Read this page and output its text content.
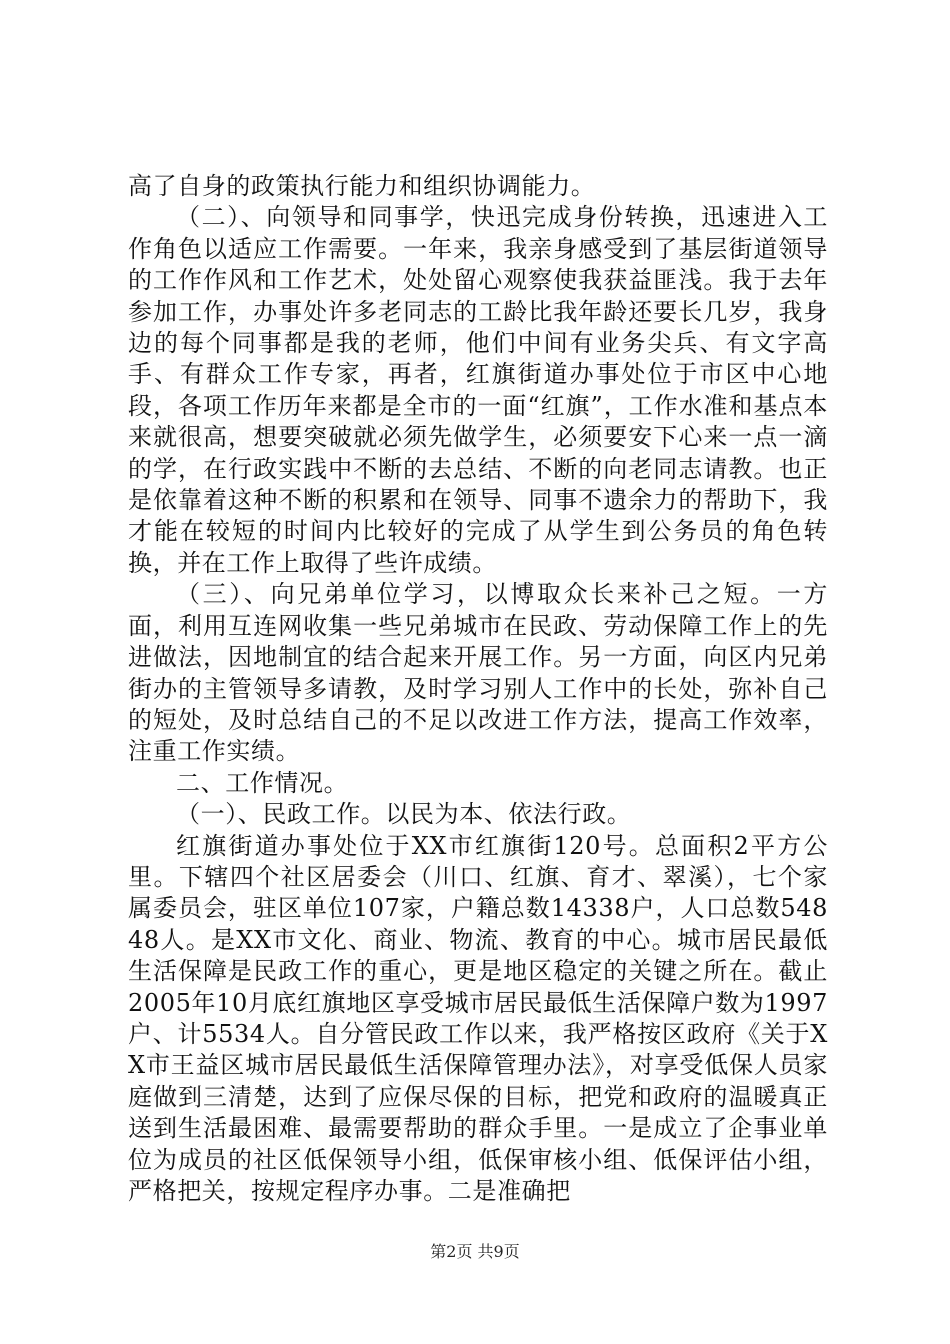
高了自身的政策执行能力和组织协调能力。

（二）、向领导和同事学，快迅完成身份转换，迅速进入工作角色以适应工作需要。一年来，我亲身感受到了基层街道领导的工作作风和工作艺术，处处留心观察使我获益匪浅。我于去年参加工作，办事处许多老同志的工龄比我年龄还要长几岁，我身边的每个同事都是我的老师，他们中间有业务尖兵、有文字高手、有群众工作专家，再者，红旗街道办事处位于市区中心地段，各项工作历年来都是全市的一面“红旗”，工作水准和基点本来就很高，想要突破就必须先做学生，必须要安下心来一点一滴的学，在行政实践中不断的去总结、不断的向老同志请教。也正是依靠着这种不断的积累和在领导、同事不遗余力的帮助下，我才能在较短的时间内比较好的完成了从学生到公务员的角色转换，并在工作上取得了些许成绩。

（三）、向兄弟单位学习，以博取众长来补己之短。一方面，利用互连网收集一些兄弟城市在民政、劳动保障工作上的先进做法，因地制宜的结合起来开展工作。另一方面，向区内兄弟街办的主管领导多请教，及时学习别人工作中的长处，弥补自己的短处，及时总结自己的不足以改进工作方法，提高工作效率，注重工作实绩。

二、工作情况。

（一）、民政工作。以民为本、依法行政。

红旗街道办事处位于XX市红旗街120号。总面积2平方公里。下辖四个社区居委会（川口、红旗、育才、翠溪），七个家属委员会，驻区单位107家，户籍总数14338户，人口总数54848人。是XX市文化、商业、物流、教育的中心。城市居民最低生活保障是民政工作的重心，更是地区稳定的关键之所在。截止2005年10月底红旗地区享受城市居民最低生活保障户数为1997户、计5534人。自分管民政工作以来，我严格按区政府《关于XX市王益区城市居民最低生活保障管理办法》，对享受低保人员家庭做到三清楚，达到了应保尽保的目标，把党和政府的温暖真正送到生活最困难、最需要帮助的群众手里。一是成立了企事业单位为成员的社区低保领导小组，低保审核小组、低保评估小组，严格把关，按规定程序办事。二是准确把

第2页 共9页
